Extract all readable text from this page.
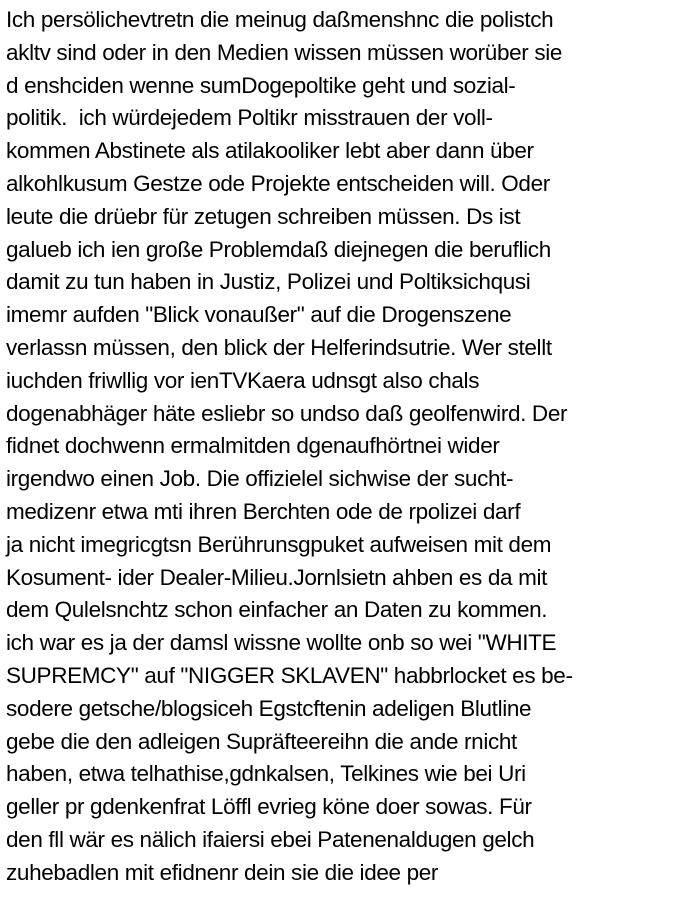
Ich persölichevtretn die meinug daßmenshnc die polistch
akltv sind oder in den Medien wissen müssen worüber sie
d enshciden wenne sumDogepoltike geht und sozial-
politik.  ich würdejedem Poltikr misstrauen der voll-
kommen Abstinete als atilakooliker lebt aber dann über
alkohlkusum Gestze ode Projekte entscheiden will. Oder
leute die drüebr für zetugen schreiben müssen. Ds ist
galueb ich ien große Problemdaß diejnegen die beruflich
damit zu tun haben in Justiz, Polizei und Poltiksichqusi
imemr aufden "Blick vonaußer" auf die Drogenszene
verlassn müssen, den blick der Helferindsutrie. Wer stellt
iuchden friwllig vor ienTVKaera udnsgt also chals
dogenabhäger häte esliebr so undso daß geolfenwird. Der
fidnet dochwenn ermalmitden dgenaufhörtnei wider
irgendwo einen Job. Die offizielel sichwise der sucht-
medizenr etwa mti ihren Berchten ode de rpolizei darf
ja nicht imegricgtsn Berührunsgpuket aufweisen mit dem
Kosument- ider Dealer-Milieu.Jornlsietn ahben es da mit
dem Qulelsnchtz schon einfacher an Daten zu kommen.
ich war es ja der damsl wissne wollte onb so wei "WHITE
SUPREMCY" auf "NIGGER SKLAVEN" habbrlocket es be-
sodere getsche/blogsiceh Egstcftenin adeligen Blutline
gebe die den adleigen Supräfteereihn die ande rnicht
haben, etwa telhathise,gdnkalsen, Telkines wie bei Uri
geller pr gdenkenfrat Löffl evrieg köne doer sowas. Für
den fll wär es nälich ifaiersi ebei Patenenaldugen gelch
zuhebadlen mit efidnenr dein sie die idee per
